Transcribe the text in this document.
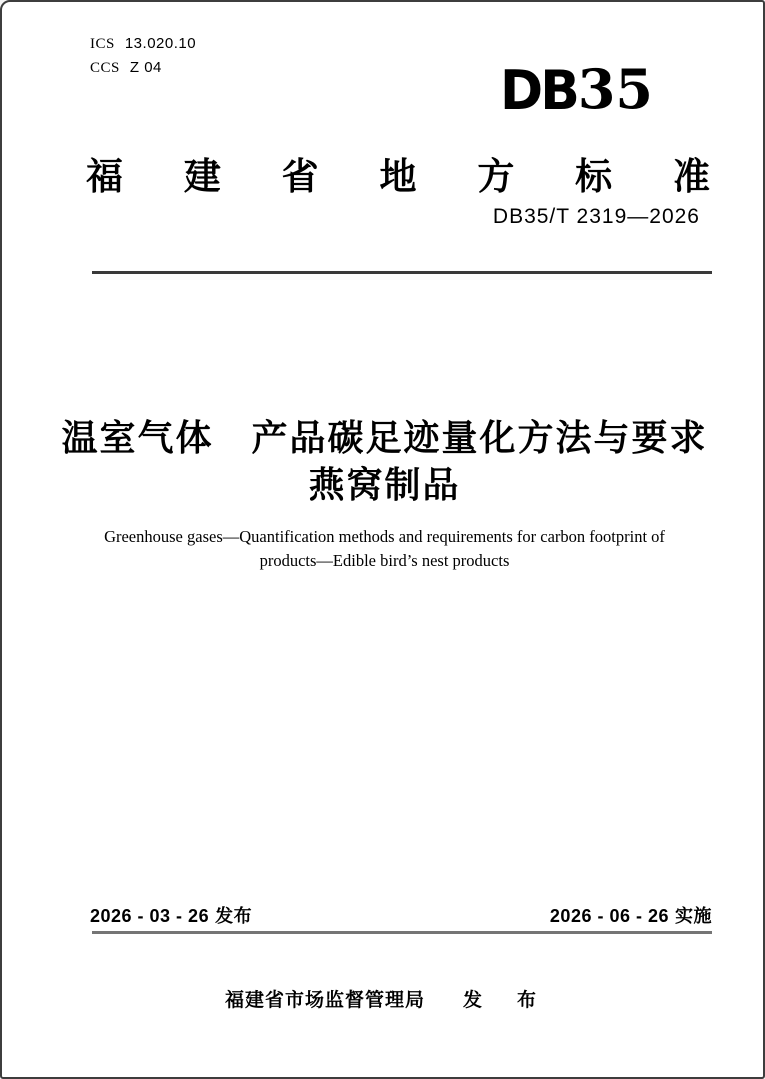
ICS 13.020.10
CCS Z 04	DB35
福 建 省 地 方 标 准
DB35/T 2319—2026
温室气体　产品碳足迹量化方法与要求
燕窝制品
Greenhouse gases—Quantification methods and requirements for carbon footprint of
products—Edible bird’s nest products
2026 - 03 - 26 发布	2026 - 06 - 26 实施
福建省市场监督管理局 发　布
